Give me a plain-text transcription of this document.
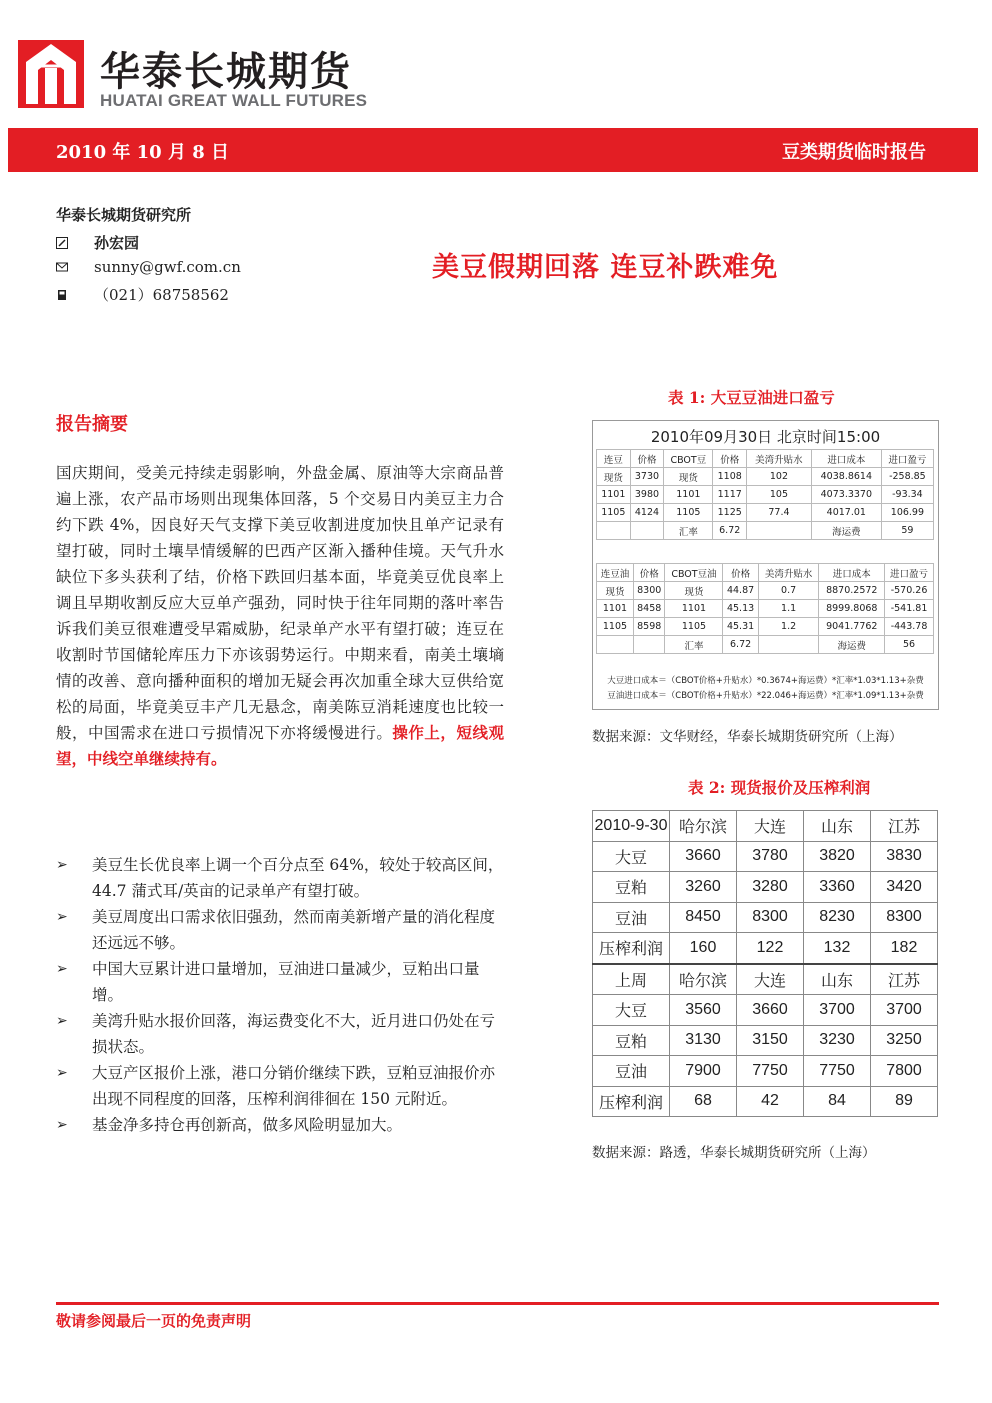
华泰长城期货
HUATAI GREAT WALL FUTURES
2010 年 10 月 8 日	豆类期货临时报告
华泰长城期货研究所
孙宏园
sunny@gwf.com.cn
（021）68758562
美豆假期回落 连豆补跌难免
报告摘要
国庆期间，受美元持续走弱影响，外盘金属、原油等大宗商品普遍上涨，农产品市场则出现集体回落，5 个交易日内美豆主力合约下跌 4%，因良好天气支撑下美豆收割进度加快且单产记录有望打破，同时土壤旱情缓解的巴西产区渐入播种佳境。天气升水缺位下多头获利了结，价格下跌回归基本面，毕竟美豆优良率上调且早期收割反应大豆单产强劲，同时快于往年同期的落叶率告诉我们美豆很难遭受早霜威胁，纪录单产水平有望打破；连豆在收割时节国储轮库压力下亦该弱势运行。中期来看，南美土壤墒情的改善、意向播种面积的增加无疑会再次加重全球大豆供给宽松的局面，毕竟美豆丰产几无悬念，南美陈豆消耗速度也比较一般，中国需求在进口亏损情况下亦将缓慢进行。操作上，短线观望，中线空单继续持有。
➢ 美豆生长优良率上调一个百分点至 64%，较处于较高区间，44.7 蒲式耳/英亩的记录单产有望打破。
➢ 美豆周度出口需求依旧强劲，然而南美新增产量的消化程度还远远不够。
➢ 中国大豆累计进口量增加，豆油进口量减少，豆粕出口量增。
➢ 美湾升贴水报价回落，海运费变化不大，近月进口仍处在亏损状态。
➢ 大豆产区报价上涨，港口分销价继续下跌，豆粕豆油报价亦出现不同程度的回落，压榨利润徘徊在 150 元附近。
➢ 基金净多持仓再创新高，做多风险明显加大。
表 1: 大豆豆油进口盈亏
2010年09月30日 北京时间15:00
连豆	价格	CBOT豆	价格	美湾升贴水	进口成本	进口盈亏
现货	3730	现货	1108	102	4038.8614	-258.85
1101	3980	1101	1117	105	4073.3370	-93.34
1105	4124	1105	1125	77.4	4017.01	106.99
		汇率	6.72		海运费	59
连豆油	价格	CBOT豆油	价格	美湾升贴水	进口成本	进口盈亏
现货	8300	现货	44.87	0.7	8870.2572	-570.26
1101	8458	1101	45.13	1.1	8999.8068	-541.81
1105	8598	1105	45.31	1.2	9041.7762	-443.78
		汇率	6.72		海运费	56
大豆进口成本＝（CBOT价格+升贴水）*0.3674+海运费）*汇率*1.03*1.13+杂费
豆油进口成本＝（CBOT价格+升贴水）*22.046+海运费）*汇率*1.09*1.13+杂费
数据来源：文华财经，华泰长城期货研究所（上海）
表 2: 现货报价及压榨利润
2010-9-30	哈尔滨	大连	山东	江苏
大豆	3660	3780	3820	3830
豆粕	3260	3280	3360	3420
豆油	8450	8300	8230	8300
压榨利润	160	122	132	182
上周	哈尔滨	大连	山东	江苏
大豆	3560	3660	3700	3700
豆粕	3130	3150	3230	3250
豆油	7900	7750	7750	7800
压榨利润	68	42	84	89
数据来源：路透，华泰长城期货研究所（上海）
敬请参阅最后一页的免责声明
